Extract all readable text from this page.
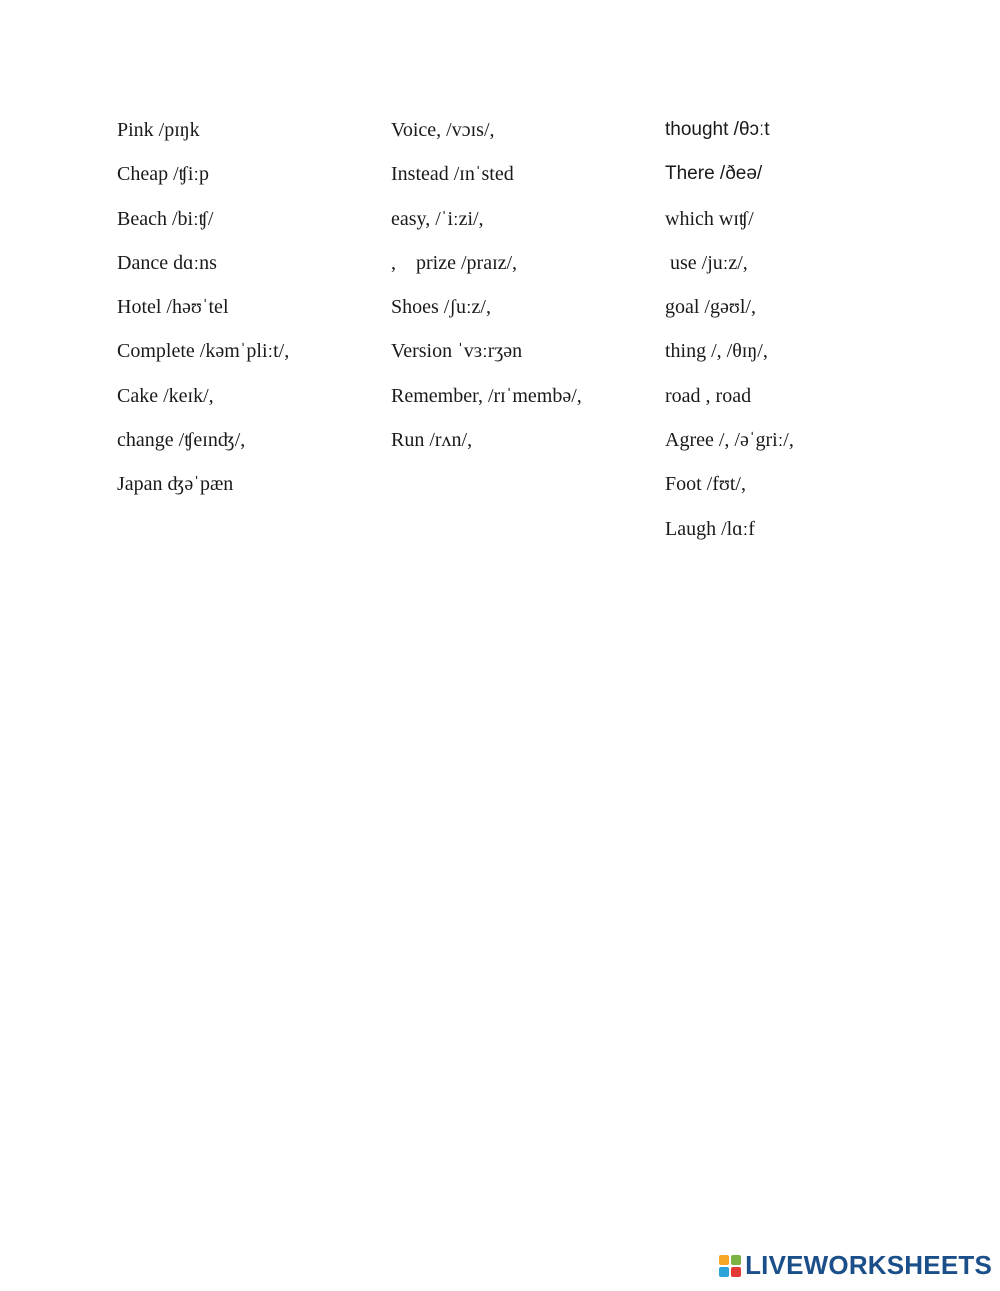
Pink /pɪŋk
Cheap /ʧiːp
Beach /biːʧ/
Dance dɑːns
Hotel /həʊˈtel
Complete /kəmˈpliːt/,
Cake /keɪk/,
change /ʧeɪnʤ/,
Japan ʤəˈpæn
Voice, /vɔɪs/,
Instead /ɪnˈsted
easy, /ˈiːzi/,
,    prize /praɪz/,
Shoes /ʃuːz/,
Version ˈvɜːrʒən
Remember, /rɪˈmembə/,
Run /rʌn/,
thought /θɔːt
There /ðeə/
which wɪʧ/
use /juːz/,
goal /gəʊl/,
thing /, /θɪŋ/,
road , road
Agree /, /əˈgriː/,
Foot /fʊt/,
Laugh /lɑːf
LIVEWORKSHEETS
